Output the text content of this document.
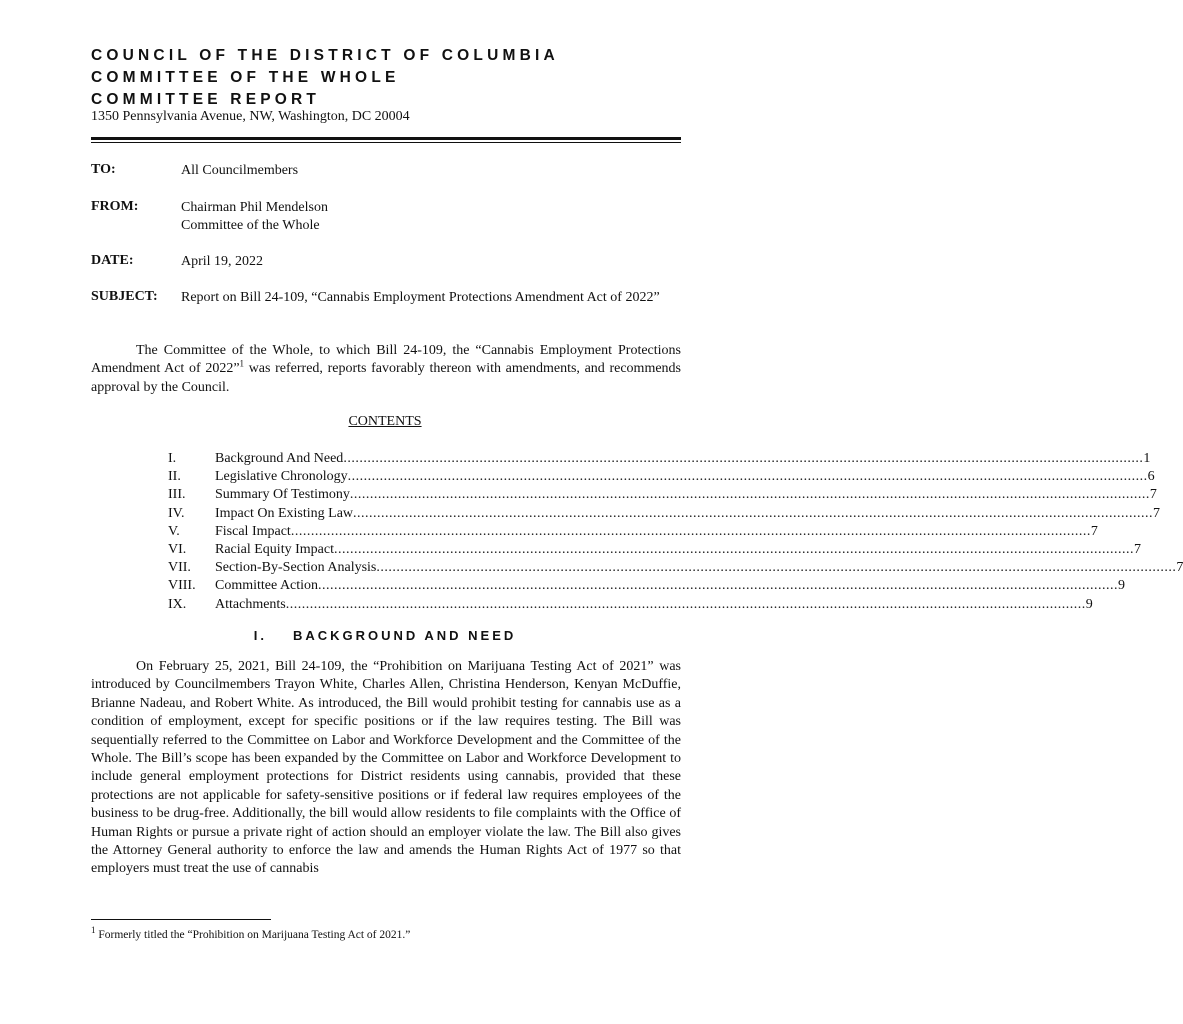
COUNCIL OF THE DISTRICT OF COLUMBIA
COMMITTEE OF THE WHOLE
COMMITTEE REPORT
1350 Pennsylvania Avenue, NW, Washington, DC 20004
TO:	All Councilmembers
FROM:	Chairman Phil Mendelson
Committee of the Whole
DATE:	April 19, 2022
SUBJECT: Report on Bill 24-109, “Cannabis Employment Protections Amendment Act of 2022”

The Committee of the Whole, to which Bill 24-109, the “Cannabis Employment Protections Amendment Act of 2022”$^1$ was referred, reports favorably thereon with amendments, and recommends approval by the Council.

CONTENTS
I.	Background And Need ........................................................................................................................................................................................................ 1
II. Legislative Chronology ........................................................................................................................................................................................................ 6
III. Summary Of Testimony ........................................................................................................................................................................................................ 7
IV. Impact On Existing Law ........................................................................................................................................................................................................ 7
V.	Fiscal Impact ........................................................................................................................................................................................................ 7
VI. Racial Equity Impact ........................................................................................................................................................................................................ 7
VII. Section-By-Section Analysis ........................................................................................................................................................................................................ 7
VIII. Committee Action ........................................................................................................................................................................................................ 9
IX. Attachments ........................................................................................................................................................................................................ 9
I. BACKGROUND AND NEED

On February 25, 2021, Bill 24-109, the “Prohibition on Marijuana Testing Act of 2021” was introduced by Councilmembers Trayon White, Charles Allen, Christina Henderson, Kenyan McDuffie, Brianne Nadeau, and Robert White. As introduced, the Bill would prohibit testing for cannabis use as a condition of employment, except for specific positions or if the law requires testing. The Bill was sequentially referred to the Committee on Labor and Workforce Development and the Committee of the Whole. The Bill’s scope has been expanded by the Committee on Labor and Workforce Development to include general employment protections for District residents using cannabis, provided that these protections are not applicable for safety-sensitive positions or if federal law requires employees of the business to be drug-free. Additionally, the bill would allow residents to file complaints with the Office of Human Rights or pursue a private right of action should an employer violate the law. The Bill also gives the Attorney General authority to enforce the law and amends the Human Rights Act of 1977 so that employers must treat the use of cannabis

$^1$ Formerly titled the “Prohibition on Marijuana Testing Act of 2021.”
